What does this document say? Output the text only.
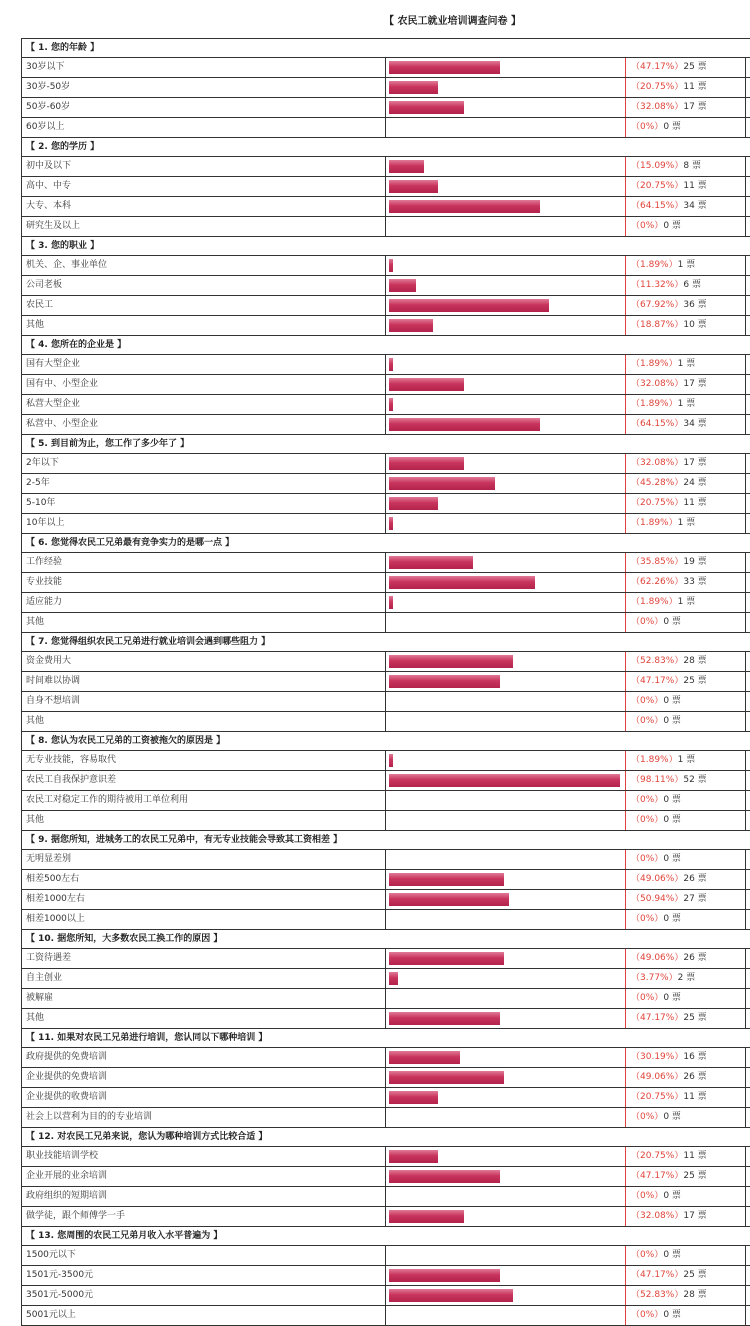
【 农民工就业培训调查问卷 】
【 1. 您的年龄 】
30岁以下	（47.17%）25 票
30岁-50岁	（20.75%）11 票
50岁-60岁	（32.08%）17 票
60岁以上	（0%）0 票
【 2. 您的学历 】
初中及以下	（15.09%）8 票
高中、中专	（20.75%）11 票
大专、本科	（64.15%）34 票
研究生及以上	（0%）0 票
【 3. 您的职业 】
机关、企、事业单位	（1.89%）1 票
公司老板	（11.32%）6 票
农民工	（67.92%）36 票
其他	（18.87%）10 票
【 4. 您所在的企业是 】
国有大型企业	（1.89%）1 票
国有中、小型企业	（32.08%）17 票
私营大型企业	（1.89%）1 票
私营中、小型企业	（64.15%）34 票
【 5. 到目前为止，您工作了多少年了 】
2年以下	（32.08%）17 票
2-5年	（45.28%）24 票
5-10年	（20.75%）11 票
10年以上	（1.89%）1 票
【 6. 您觉得农民工兄弟最有竞争实力的是哪一点 】
工作经验	（35.85%）19 票
专业技能	（62.26%）33 票
适应能力	（1.89%）1 票
其他	（0%）0 票
【 7. 您觉得组织农民工兄弟进行就业培训会遇到哪些阻力 】
资金费用大	（52.83%）28 票
时间难以协调	（47.17%）25 票
自身不想培训	（0%）0 票
其他	（0%）0 票
【 8. 您认为农民工兄弟的工资被拖欠的原因是 】
无专业技能，容易取代	（1.89%）1 票
农民工自我保护意识差	（98.11%）52 票
农民工对稳定工作的期待被用工单位利用	（0%）0 票
其他	（0%）0 票
【 9. 据您所知，进城务工的农民工兄弟中，有无专业技能会导致其工资相差 】
无明显差别	（0%）0 票
相差500左右	（49.06%）26 票
相差1000左右	（50.94%）27 票
相差1000以上	（0%）0 票
【 10. 据您所知，大多数农民工换工作的原因 】
工资待遇差	（49.06%）26 票
自主创业	（3.77%）2 票
被解雇	（0%）0 票
其他	（47.17%）25 票
【 11. 如果对农民工兄弟进行培训，您认同以下哪种培训 】
政府提供的免费培训	（30.19%）16 票
企业提供的免费培训	（49.06%）26 票
企业提供的收费培训	（20.75%）11 票
社会上以营利为目的的专业培训	（0%）0 票
【 12. 对农民工兄弟来说，您认为哪种培训方式比较合适 】
职业技能培训学校	（20.75%）11 票
企业开展的业余培训	（47.17%）25 票
政府组织的短期培训	（0%）0 票
做学徒，跟个师傅学一手	（32.08%）17 票
【 13. 您周围的农民工兄弟月收入水平普遍为 】
1500元以下	（0%）0 票
1501元-3500元	（47.17%）25 票
3501元-5000元	（52.83%）28 票
5001元以上	（0%）0 票
